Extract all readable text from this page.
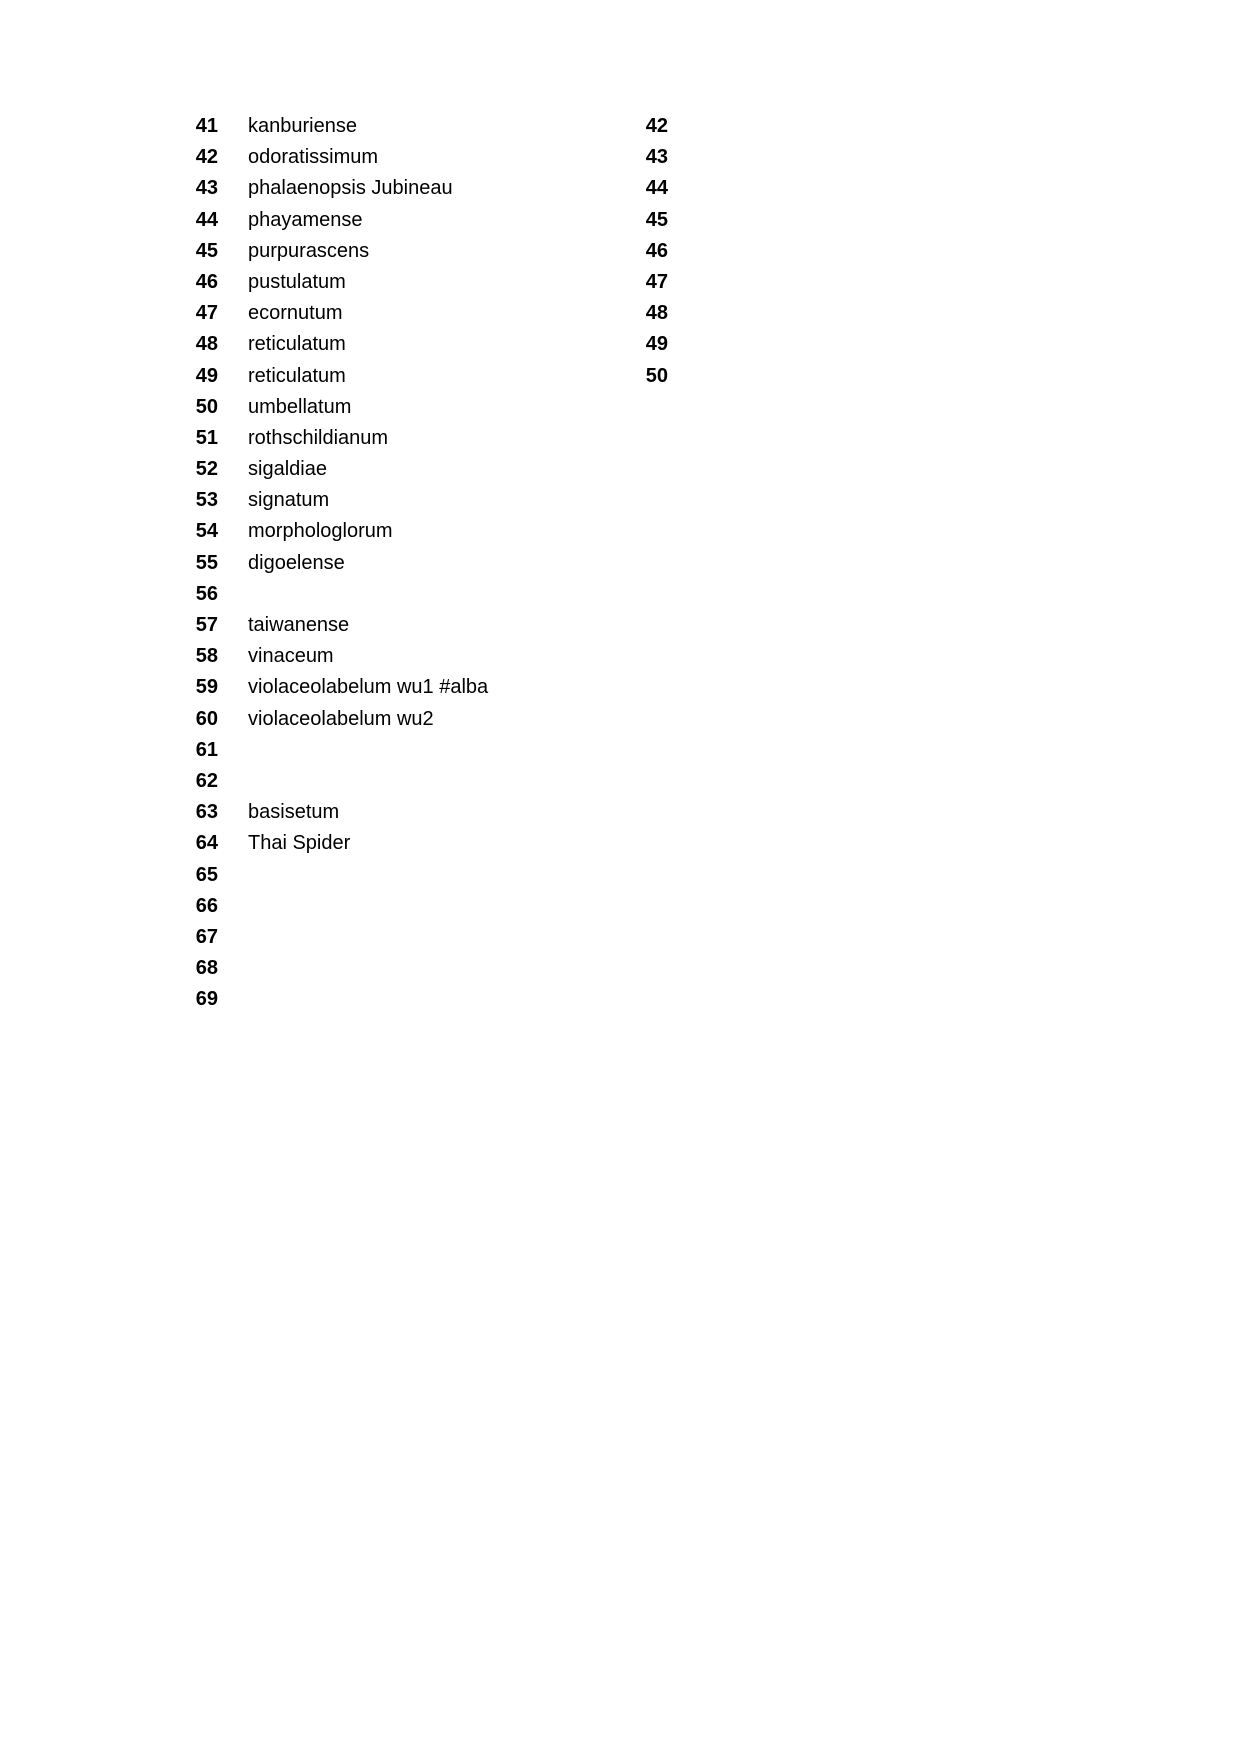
41 kanburiense	42
42 odoratissimum	43
43 phalaenopsis Jubineau	44
44 phayamense	45
45 purpurascens	46
46 pustulatum	47
47 ecornutum	48
48 reticulatum	49
49 reticulatum	50
50 umbellatum
51 rothschildianum
52 sigaldiae
53 signatum
54 morphologlorum
55 digoelense
56
57 taiwanense
58 vinaceum
59 violaceolabelum wu1 #alba
60 violaceolabelum wu2
61
62
63 basisetum
64 Thai Spider
65
66
67
68
69
